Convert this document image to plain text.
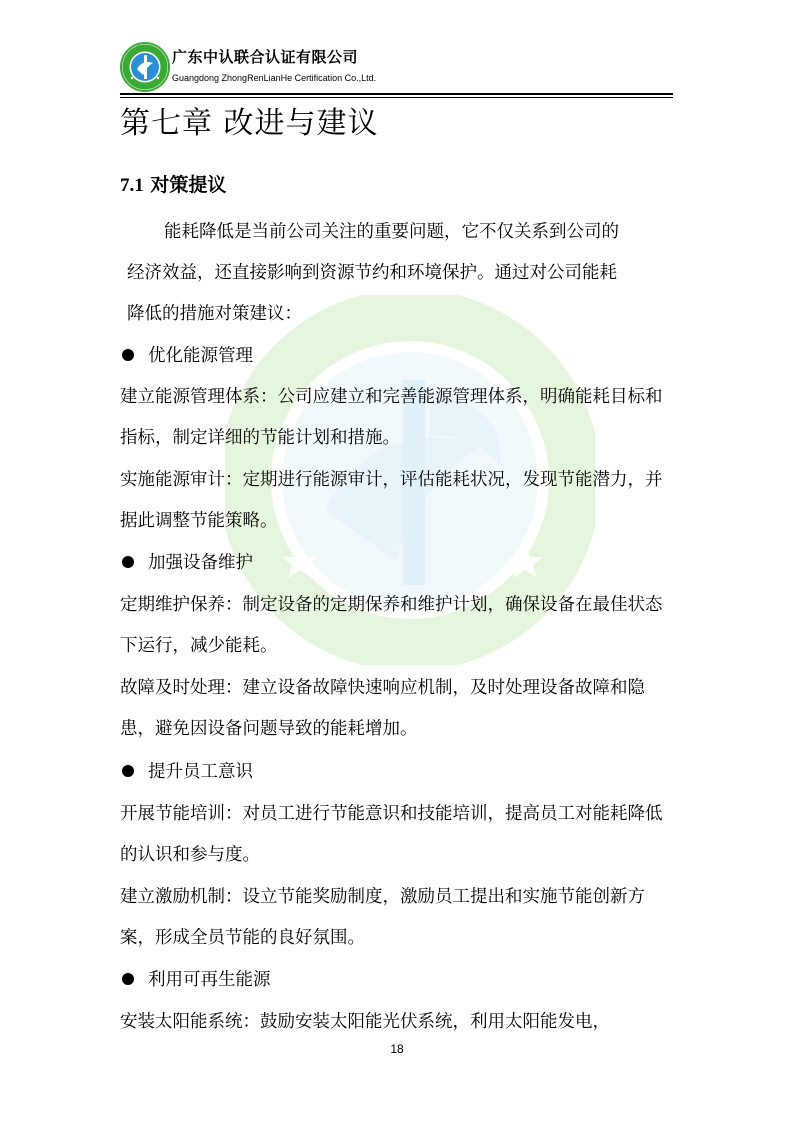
广东中认联合认证有限公司
Guangdong ZhongRenLianHe Certification Co.,Ltd.
第七章 改进与建议
7.1 对策提议

能耗降低是当前公司关注的重要问题，它不仅关系到公司的
经济效益，还直接影响到资源节约和环境保护。通过对公司能耗
降低的措施对策建议：

优化能源管理

建立能源管理体系：公司应建立和完善能源管理体系，明确能耗目标和指标，制定详细的节能计划和措施。

实施能源审计：定期进行能源审计，评估能耗状况，发现节能潜力，并据此调整节能策略。

加强设备维护

定期维护保养：制定设备的定期保养和维护计划，确保设备在最佳状态下运行，减少能耗。

故障及时处理：建立设备故障快速响应机制，及时处理设备故障和隐患，避免因设备问题导致的能耗增加。

提升员工意识

开展节能培训：对员工进行节能意识和技能培训，提高员工对能耗降低的认识和参与度。

建立激励机制：设立节能奖励制度，激励员工提出和实施节能创新方案，形成全员节能的良好氛围。

利用可再生能源

安装太阳能系统：鼓励安装太阳能光伏系统，利用太阳能发电，

18
